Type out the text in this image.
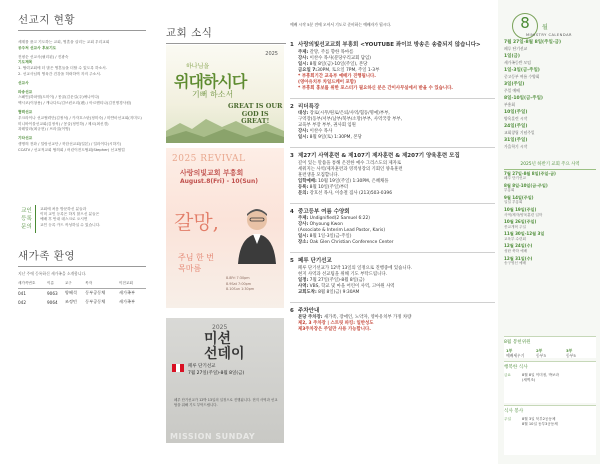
선교지 현황
세계를 품고 기도하는 교회, 영혼을 살리는 교회 우리교회
공주처 선교사 후보기도
진평순 선교사(필리핀) / 진광숙
기도제목
1. 협력교회에 더 많은 영혼들을 더할 수 있도록 하소서.
2. 선교사님의 영육간 건강을 허락하여 지켜 주소서.
선교사
파송선교
스페인(하파엘(도미이) / 몽골(김운길(주)애나이다)
멕시코(이창용) / 캐나다트/김브런오리(펜) / 아르헨티나(김진명경사원)
협력선교
우크라이나 선교협력단(김정석) / 카자흐스탄(정미숙) / 미얀마선교회(지미도)
미니바이블선교회(김정석) / 몽골(정민하) / 제르(최신경)
과테말라(최규현) / 브라질(이영)
기타선교
생명의 전화 / 일랑선교단 / 북한선교회(일본) / 일라이다(시하기)
CCATV / 선교적교회 협의회 / 어린이전도협회(Stepher) 선교협업
교인 등록 문의
교회에 처음 방문하신 분들과
이미 교인 등록은 하지 않으신 분들은
예배 후 안내 데스크로 오시면
교인 등록 카드 작성하실 수 있습니다.
새가족 환영
지난 주에 등록하신 새가족을 소개합니다.
새가족번호	이름	교구	목자	이전교회
041	9063	양혜석	동부공동체	새가족부
042	9064	조정민	동부공동체	새가족부
교회 소식
2025
하나님을
위대하시다
기뻐 하소서
GREAT IS OUR
GOD IS
GREAT!
2025 REVIVAL
사랑의빛교회 부흥회
August.8(Fri) - 10(Sun)
갈망,
주님 한 번
목마름
8.8Fri 7:30pm
8.9Sat 7:00pm
8.10Sun 1:30pm
2025
미션
선데이
페루 단기선교
7월 27일(주일)-8월 8일(금)
페루 단기선교가 12박 13일의 일정으로 진행됩니다. 현지 사역과 선교팀을 위해 기도 부탁드립니다.
MISSION SUNDAY
예배 시작 5분 전에 오셔서 기도로 준비하는 예배자가 됩시다.
1 사랑의빛선교교회 부흥회 <YOUTUBE 좌이브 방송은 송출되지 않습니다>
주제: 갈망, 주를 향한 목마름
강사: 이찬수 목사(분당우리교회 담임)
일시: 8월 8일(금)-10일(주일), 본당
금요일 7:30PM, 토요일 7PM, 주일 1-3부
* 부흥회기간 교육부 예배가 진행됩니다.
(영아유치부 차일드케어 포함)
* 부흥회 홍보를 위한 포스터가 필요하신 분은 간이사무실에서 받을 수 있습니다.
2 리더특강
대상: 장로(시무/원로/은퇴/사역/협동/명예)부부,
구역장(동부/서부/남부/북부/소망)부부, 사역국장 부부,
교육부 부장 부부, 권사회 임원
강사: 이찬수 목사
일시: 8월 9일(토) 1:30PM, 본당
3 제27기 사역훈련 & 제107기 제자훈련 & 제207기 양육훈련 모집
깊이 있는 말씀을 통해 온전한 예수 그리스도의 제자로
세워지는 사역/제자훈련과 영적성장의 기회인 양육훈련
훈련생을 모집합니다.
입학예배: 10월 19일(주일) 1:30PM, 은혜채플
등록: 8월 10일(주일)부터
문의: 강호선 목사, 이송철 집사 (213)503-0396
4 중고등부 여름 수양회
주제: Undignified(2 Samuel 6:22)
강사: Ohyoung Kwon
(Associate & Interim Lead Pastor, Karis)
일시: 8월 1일-3일(금-주일)
장소: Oak Glen Christian Conference Center
5 페루 단기선교
페루 단기선교가 12박 13일의 일정으로 진행중에 있습니다.
현지 사역과 선교팀을 위해 기도 부탁드립니다.
일정: 7월 27일(주일)-8월 8일(금)
사역: VBS, 학교 및 마을 어린이 사역, 고아원 사역
교회도착: 8월 8일(금) 9:30AM
6 주차안내
본당 주차장: 새가족, 장애인, 노약자, 영아유치부 가정 차량
제2, 3 주차장 | 스트릿 파킹: 일반성도
제3주차장은 주일만 사용 가능합니다.
8	월
MINISTRY CALENDAR
7월 27일-8월 8일(주일-금)
페루 단기선교
1일(금)
새가족등반 모임
1일-3일(금-주일)
중고등부 여름 수양회
3일(주일)
주일 예배
8일-10일(금-주일)
부흥회
10일(주일)
양육훈련 시작
24일(주일)
교회창립 기념주일
31일(주일)
가을학기 시작
2025년 하반기 교회 주요 사역
7월 27일-8월 8일(주일-금)
페루 단기선교
8월 8일-10일(금-주일)
부흥회
9월 14일(주일)
일일 부흥회
10월 19일(주일)
사역/제자/양육훈련 입학
10월 26일(주일)
종교개혁 주일
11월 30일-12월 3일
교육부 수련회
12월 24일(수)
성탄 축하 예배
12월 31일(수)
송구영신 예배
8월 봉헌위원
1부
예배세우기
2부
동부3
3부
동부5
행복한 식사
금요	8월 8일 이미정, 박보라
(새벽조)
식사 봉사
주일	8월 3일 북부2공동체
8월 10일 동부3공동체
